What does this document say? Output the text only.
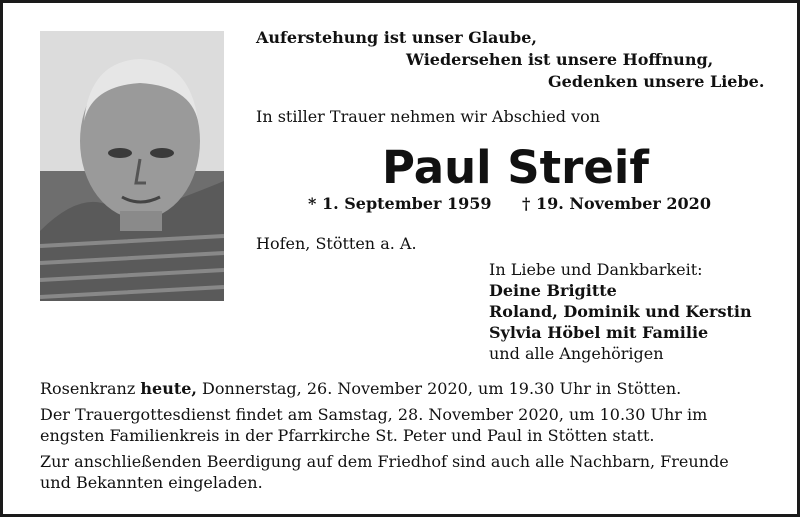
Auferstehung ist unser Glaube,
Wiedersehen ist unsere Hoffnung,
Gedenken unsere Liebe.
In stiller Trauer nehmen wir Abschied von
Paul Streif
* 1. September 1959 † 19. November 2020
Hofen, Stötten a. A.
In Liebe und Dankbarkeit:
Deine Brigitte
Roland, Dominik und Kerstin
Sylvia Höbel mit Familie
und alle Angehörigen
Rosenkranz heute, Donnerstag, 26. November 2020, um 19.30 Uhr in Stötten.
Der Trauergottesdienst findet am Samstag, 28. November 2020, um 10.30 Uhr im
engsten Familienkreis in der Pfarrkirche St. Peter und Paul in Stötten statt.
Zur anschließenden Beerdigung auf dem Friedhof sind auch alle Nachbarn, Freunde
und Bekannten eingeladen.
